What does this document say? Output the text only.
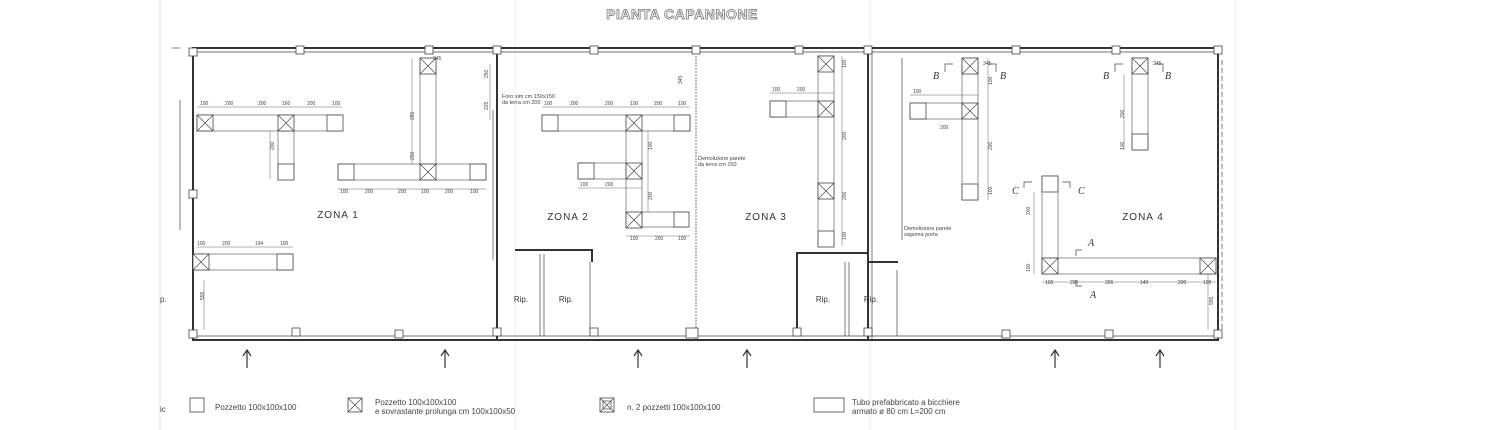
PIANTA CAPANNONE
100	200	200	160	200	100
100	200	200	100	200	100
100	200	194	100
345
100	200	200	100	200	100
100	200
100	200	100
100	200	100
200
345	345
100	200	206	140	200	100
555
555
200
285
250
225
250
345
100
200
100
200
200
100
100
200
100
200
100
200
100
ZONA 1	ZONA 2	ZONA 3	ZONA 4
Rip.	Rip.	Rip.	Rip.
Foro sim cm 150x150
da terra cm 200
Demolizione parete
da terra cm 150
Demolizione parete
sagoma porta
B	B	B	B
C	C
A
A
p.
ic	Pozzetto 100x100x100
Pozzetto 100x100x100
e sovrastante prolunga cm 100x100x50	n. 2 pozzetti 100x100x100
Tubo prefabbricato a bicchiere
armato ø 80 cm L=200 cm
